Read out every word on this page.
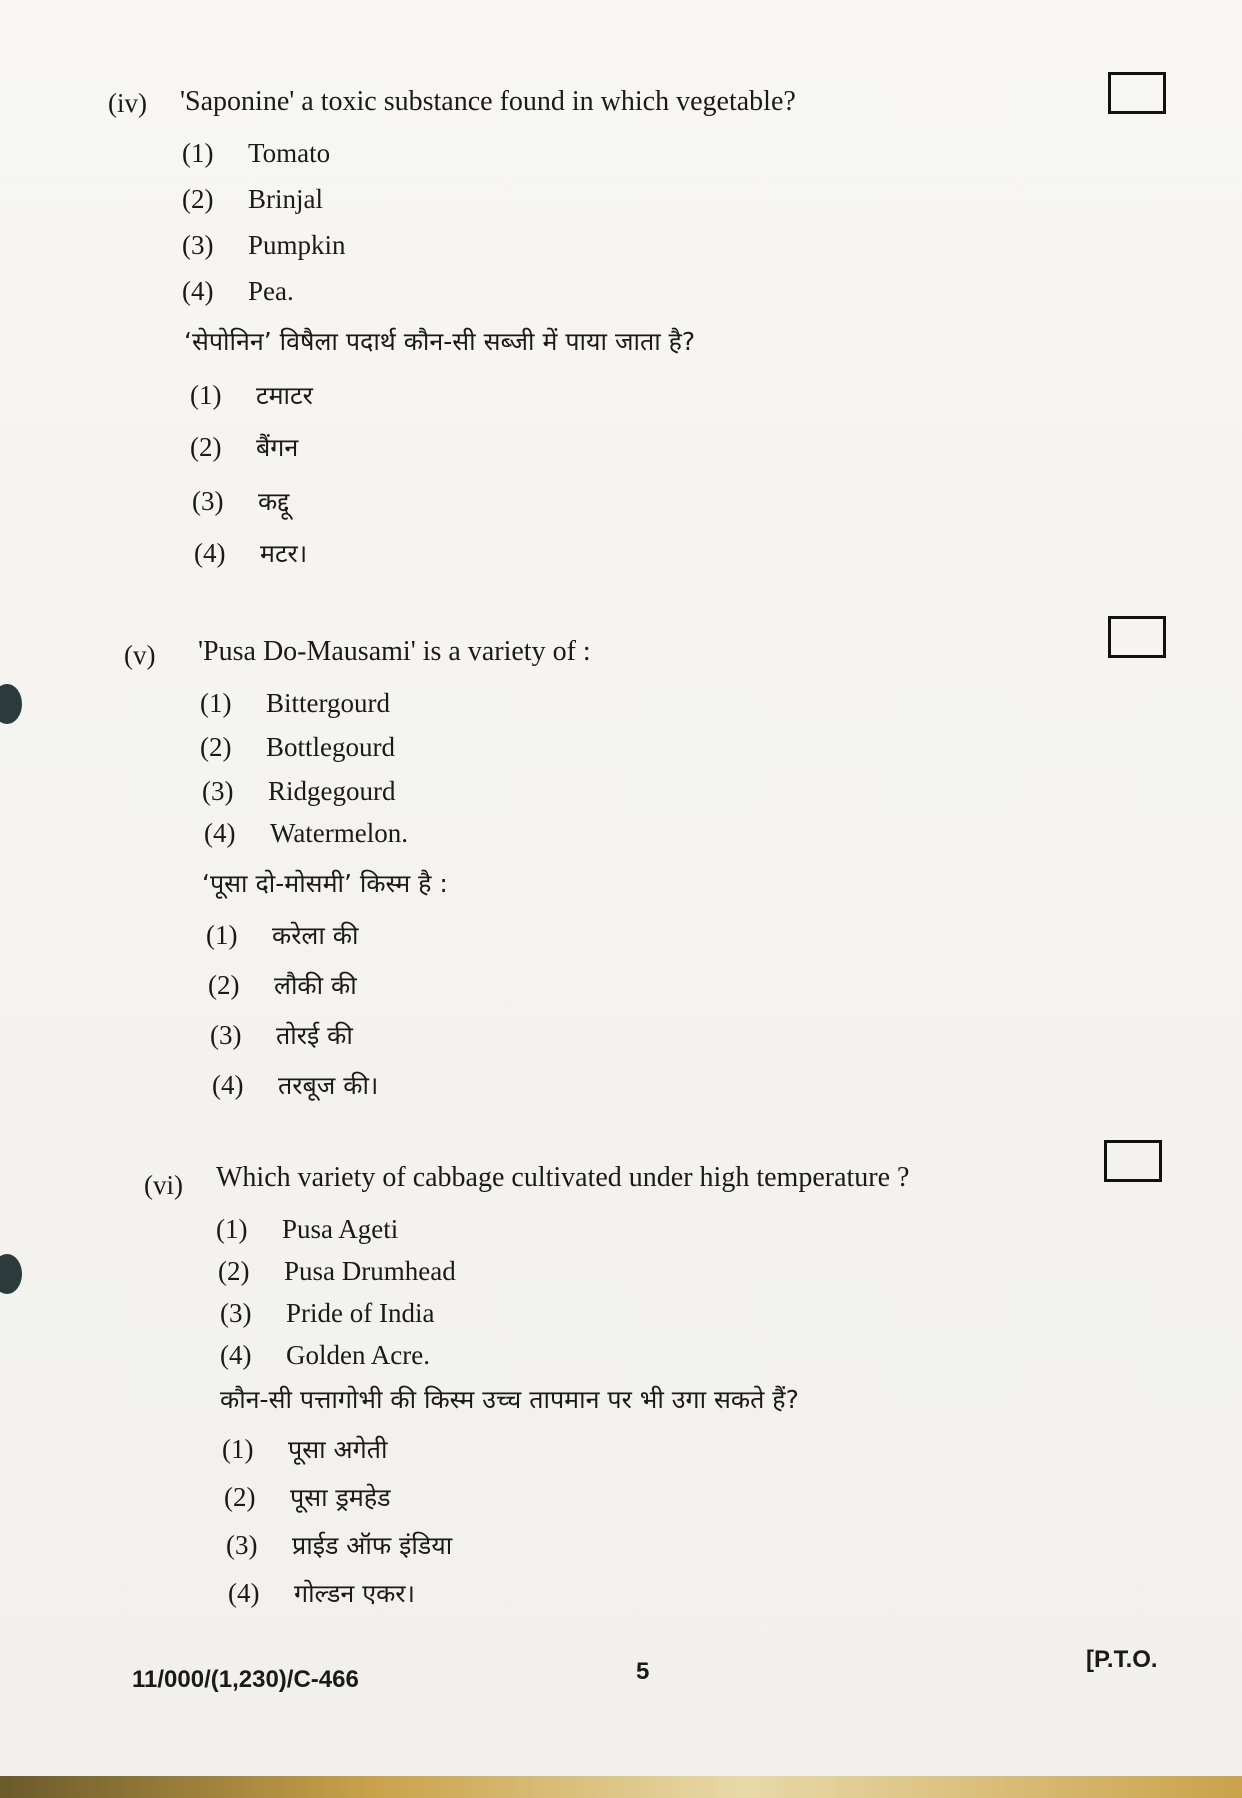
(iv) 'Saponine' a toxic substance found in which vegetable?
(1) Tomato
(2) Brinjal
(3) Pumpkin
(4) Pea.
‘सेपोनिन’ विषैला पदार्थ कौन-सी सब्जी में पाया जाता है?
(1) टमाटर
(2) बैंगन
(3) कद्दू
(4) मटर।
(v) 'Pusa Do-Mausami' is a variety of :
(1) Bittergourd
(2) Bottlegourd
(3) Ridgegourd
(4) Watermelon.
‘पूसा दो-मोसमी’ किस्म है :
(1) करेला की
(2) लौकी की
(3) तोरई की
(4) तरबूज की।
(vi) Which variety of cabbage cultivated under high temperature ?
(1) Pusa Ageti
(2) Pusa Drumhead
(3) Pride of India
(4) Golden Acre.
कौन-सी पत्तागोभी की किस्म उच्च तापमान पर भी उगा सकते हैं?
(1) पूसा अगेती
(2) पूसा ड्रमहेड
(3) प्राईड ऑफ इंडिया
(4) गोल्डन एकर।
11/000/(1,230)/C-466	5	[P.T.O.
